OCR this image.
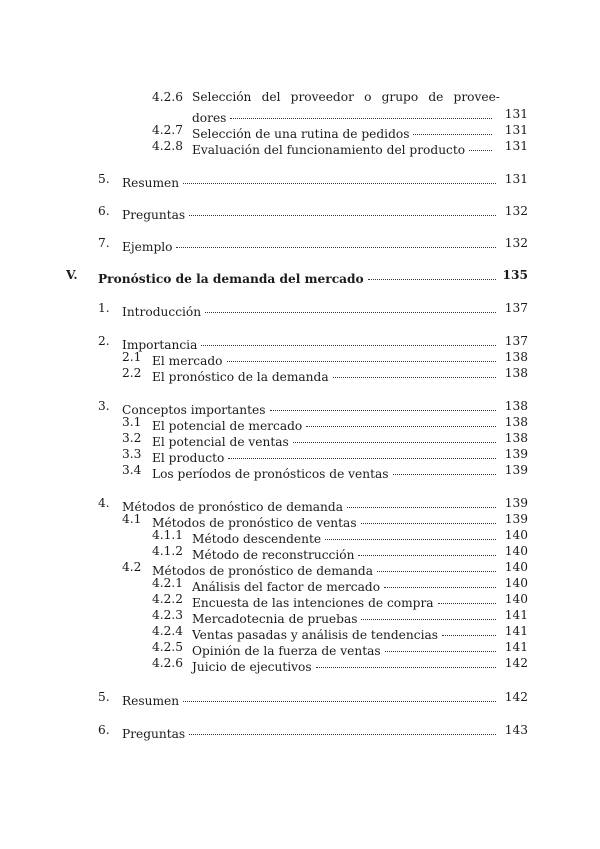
4.2.6 Selección del proveedor o grupo de provee-
dores	131
4.2.7 Selección de una rutina de pedidos	131
4.2.8 Evaluación del funcionamiento del producto	131
5. Resumen	131
6. Preguntas	132
7. Ejemplo	132
V. Pronóstico de la demanda del mercado	135
1. Introducción	137
2. Importancia	137
2.1 El mercado	138
2.2 El pronóstico de la demanda	138
3. Conceptos importantes	138
3.1 El potencial de mercado	138
3.2 El potencial de ventas	138
3.3 El producto	139
3.4 Los períodos de pronósticos de ventas	139
4. Métodos de pronóstico de demanda	139
4.1 Métodos de pronóstico de ventas	139
4.1.1 Método descendente	140
4.1.2 Método de reconstrucción	140
4.2 Métodos de pronóstico de demanda	140
4.2.1 Análisis del factor de mercado	140
4.2.2 Encuesta de las intenciones de compra	140
4.2.3 Mercadotecnia de pruebas	141
4.2.4 Ventas pasadas y análisis de tendencias	141
4.2.5 Opinión de la fuerza de ventas	141
4.2.6 Juicio de ejecutivos	142
5. Resumen	142
6. Preguntas	143
